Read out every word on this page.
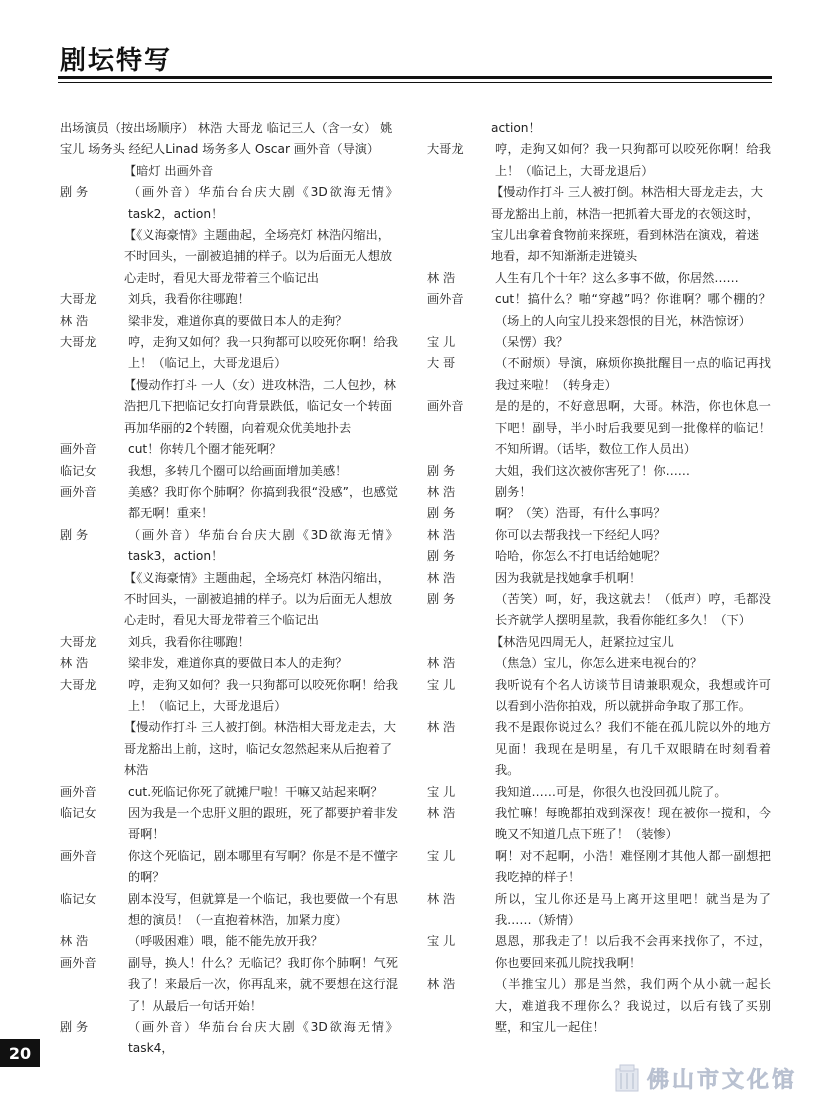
剧坛特写
出场演员（按出场顺序） 林浩 大哥龙 临记三人（含一女） 姚宝儿 场务头 经纪人Linad 场务多人 Oscar 画外音（导演）
【暗灯 出画外音
剧 务	（画外音）华茄台台庆大剧《3D欲海无情》task2，action！
【《义海豪情》主题曲起，全场亮灯 林浩闪缩出，不时回头，一副被追捕的样子。以为后面无人想放心走时，看见大哥龙带着三个临记出
大哥龙	刘兵，我看你往哪跑！
林 浩	梁非发，难道你真的要做日本人的走狗？
大哥龙	哼，走狗又如何？我一只狗都可以咬死你啊！给我上！（临记上，大哥龙退后）
【慢动作打斗 一人（女）进攻林浩，二人包抄，林浩把几下把临记女打向背景跌低，临记女一个转面再加华丽的2个转圈，向着观众优美地扑去
画外音	cut！你转几个圈才能死啊？
临记女	我想，多转几个圈可以给画面增加美感！
画外音	美感？我盯你个肺啊？你搞到我很“没感”，也感觉都无啊！重来！
剧 务	（画外音）华茄台台庆大剧《3D欲海无情》task3，action！
【《义海豪情》主题曲起，全场亮灯 林浩闪缩出，不时回头，一副被追捕的样子。以为后面无人想放心走时，看见大哥龙带着三个临记出
大哥龙	刘兵，我看你往哪跑！
林 浩	梁非发，难道你真的要做日本人的走狗？
大哥龙	哼，走狗又如何？我一只狗都可以咬死你啊！给我上！（临记上，大哥龙退后）
【慢动作打斗 三人被打倒。林浩相大哥龙走去，大哥龙豁出上前，这时，临记女忽然起来从后抱着了林浩
画外音	cut.死临记你死了就摊尸啦！干嘛又站起来啊？
临记女	因为我是一个忠肝义胆的跟班，死了都要护着非发哥啊！
画外音	你这个死临记，剧本哪里有写啊？你是不是不懂字的啊？
临记女	剧本没写，但就算是一个临记，我也要做一个有思想的演员！（一直抱着林浩，加紧力度）
林 浩	（呼吸困难）喂，能不能先放开我？
画外音	副导，换人！什么？无临记？我盯你个肺啊！气死我了！来最后一次，你再乱来，就不要想在这行混了！从最后一句话开始！
剧 务	（画外音）华茄台台庆大剧《3D欲海无情》task4，
action！
大哥龙	哼，走狗又如何？我一只狗都可以咬死你啊！给我上！（临记上，大哥龙退后）
【慢动作打斗 三人被打倒。林浩相大哥龙走去，大哥龙豁出上前，林浩一把抓着大哥龙的衣领这时，宝儿出拿着食物前来探班，看到林浩在演戏，着迷地看，却不知渐渐走进镜头
林 浩	人生有几个十年？这么多事不做，你居然……
画外音	cut！搞什么？啪“穿越”吗？你谁啊？哪个棚的？（场上的人向宝儿投来怨恨的目光，林浩惊讶）
宝 儿	（呆愣）我？
大 哥	（不耐烦）导演，麻烦你换批醒目一点的临记再找我过来啦！（转身走）
画外音	是的是的，不好意思啊，大哥。林浩，你也休息一下吧！副导，半小时后我要见到一批像样的临记！不知所谓。（话毕，数位工作人员出）
剧 务	大姐，我们这次被你害死了！你……
林 浩	剧务！
剧 务	啊？（笑）浩哥，有什么事吗？
林 浩	你可以去帮我找一下经纪人吗？
剧 务	哈哈，你怎么不打电话给她呢？
林 浩	因为我就是找她拿手机啊！
剧 务	（苦笑）呵，好，我这就去！（低声）哼，毛都没长齐就学人摆明星款，我看你能红多久！（下）
【林浩见四周无人，赶紧拉过宝儿
林 浩	（焦急）宝儿，你怎么进来电视台的？
宝 儿	我听说有个名人访谈节目请兼职观众，我想或许可以看到小浩你拍戏，所以就拼命争取了那工作。
林 浩	我不是跟你说过么？我们不能在孤儿院以外的地方见面！我现在是明星，有几千双眼睛在时刻看着我。
宝 儿	我知道……可是，你很久也没回孤儿院了。
林 浩	我忙嘛！每晚都拍戏到深夜！现在被你一搅和，今晚又不知道几点下班了！（装惨）
宝 儿	啊！对不起啊，小浩！难怪刚才其他人都一副想把我吃掉的样子！
林 浩	所以，宝儿你还是马上离开这里吧！就当是为了我……（矫情）
宝 儿	恩恩，那我走了！以后我不会再来找你了，不过，你也要回来孤儿院找我啊！
林 浩	（半推宝儿）那是当然，我们两个从小就一起长大，难道我不理你么？我说过，以后有钱了买别墅，和宝儿一起住！
20
佛山市文化馆
